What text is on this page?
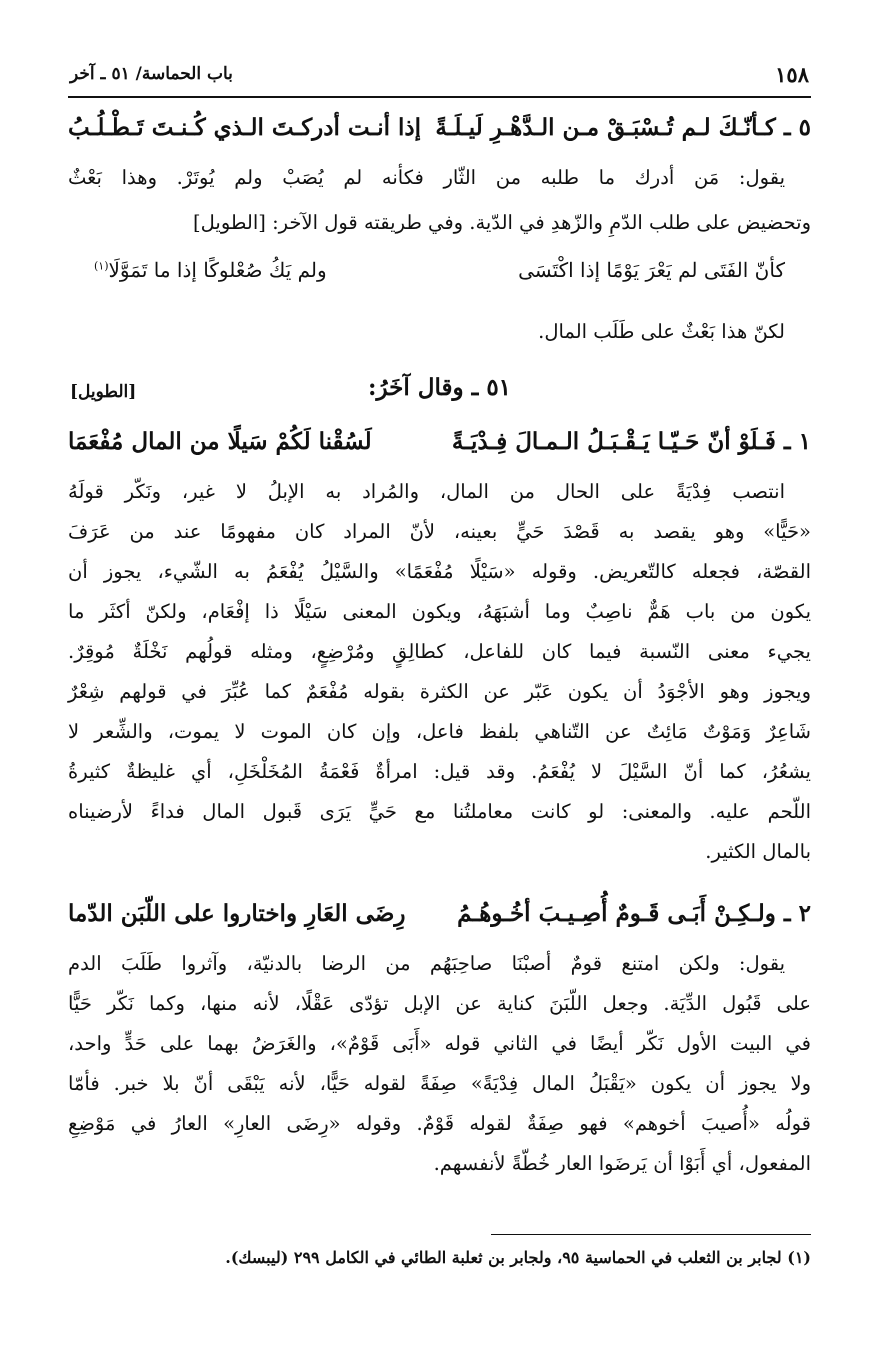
١٥٨
باب الحماسة/ ٥١ ـ آخر
٥ ـ كـأنّـكَ لـم تُـسْبَـقْ مـن الـدَّهْـرِ لَيـلَـةً
إذا أنـت أدركـتَ الـذي كُـنـتَ تَـطْـلُـبُ
يقول: مَن أدرك ما طلبه من الثّار فكأنه لم يُصَبْ ولم يُوتَرْ. وهذا بَعْثٌ
وتحضيض على طلب الدّمِ والزّهدِ في الدّية. وفي طريقته قول الآخر: [الطويل]
كأنّ الفَتَى لم يَعْرَ يَوْمًا إذا اكْتَسَى
ولم يَكُ صُعْلوكًا إذا ما تَمَوَّلَا$^{(١)}$
لكنّ هذا بَعْثٌ على طَلَب المال.
[الطويل]	٥١ ـ وقال آخَرُ:
١ ـ فَـلَوْ أنّ حَـيّـا يَـقْـبَـلُ الـمـالَ فِـدْيَـةً
لَسُقْنا لَكُمْ سَيلًا من المال مُفْعَمَا
انتصب فِدْيَةً على الحال من المال، والمُراد به الإبلُ لا غير، ونَكّر قولَهُ
«حَيًّا» وهو يقصد به قَصْدَ حَيٍّ بعينه، لأنّ المراد كان مفهومًا عند من عَرَفَ
القصّة، فجعله كالتّعريض. وقوله «سَيْلًا مُفْعَمًا» والسَّيْلُ يُفْعَمُ به الشّيء، يجوز أن
يكون من باب هَمٌّ ناصِبٌ وما أشبَهَهُ، ويكون المعنى سَيْلًا ذا إفْعَام، ولكنّ أكثَر ما
يجيء معنى النّسبة فيما كان للفاعل، كطالِقٍ ومُرْضِعٍ، ومثله قولُهم نَخْلَةٌ مُوقِرٌ.
ويجوز وهو الأجْوَدُ أن يكون عَبّر عن الكثرة بقوله مُفْعَمٌ كما عُبِّرَ في قولهم شِعْرٌ
شَاعِرٌ وَمَوْتٌ مَائِتٌ عن التّناهي بلفظ فاعل، وإن كان الموت لا يموت، والشِّعر لا
يشعُرُ، كما أنّ السَّيْلَ لا يُفْعَمُ. وقد قيل: امرأةٌ فَعْمَةُ المُخَلْخَلِ، أي غليظةٌ كثيرةُ
اللّحم عليه. والمعنى: لو كانت معاملتُنا مع حَيٍّ يَرَى قَبول المال فداءً لأرضيناه
بالمال الكثير.
٢ ـ ولـكِـنْ أَبَـى قَـومٌ أُصِـيـبَ أخُـوهُـمُ
رِضَى العَارِ واختاروا على اللّبَن الدّما
يقول: ولكن امتنع قومٌ أصبْنَا صاحِبَهُم من الرضا بالدنيّة، وآثروا طَلَبَ الدم
على قَبُول الدِّيَة. وجعل اللّبَنَ كناية عن الإبل تؤدّى عَقْلًا، لأنه منها، وكما نَكّر حَيًّا
في البيت الأول نَكّر أيضًا في الثاني قوله «أَبَى قَوْمٌ»، والغَرَضُ بهما على حَدٍّ واحد،
ولا يجوز أن يكون «يَقْبَلُ المال فِدْيَةً» صِفَةً لقوله حَيًّا، لأنه يَبْقَى أنّ بلا خبر. فأمّا
قولُه «أُصيبَ أخوهم» فهو صِفَةٌ لقوله قَوْمٌ. وقوله «رِضَى العارِ» العارُ في مَوْضِعِ
المفعول، أي أَبَوْا أن يَرضَوا العار خُطّةً لأنفسهم.
(١) لجابر بن الثعلب في الحماسية ٩٥، ولجابر بن ثعلبة الطائي في الكامل ٢٩٩ (ليبسك).
